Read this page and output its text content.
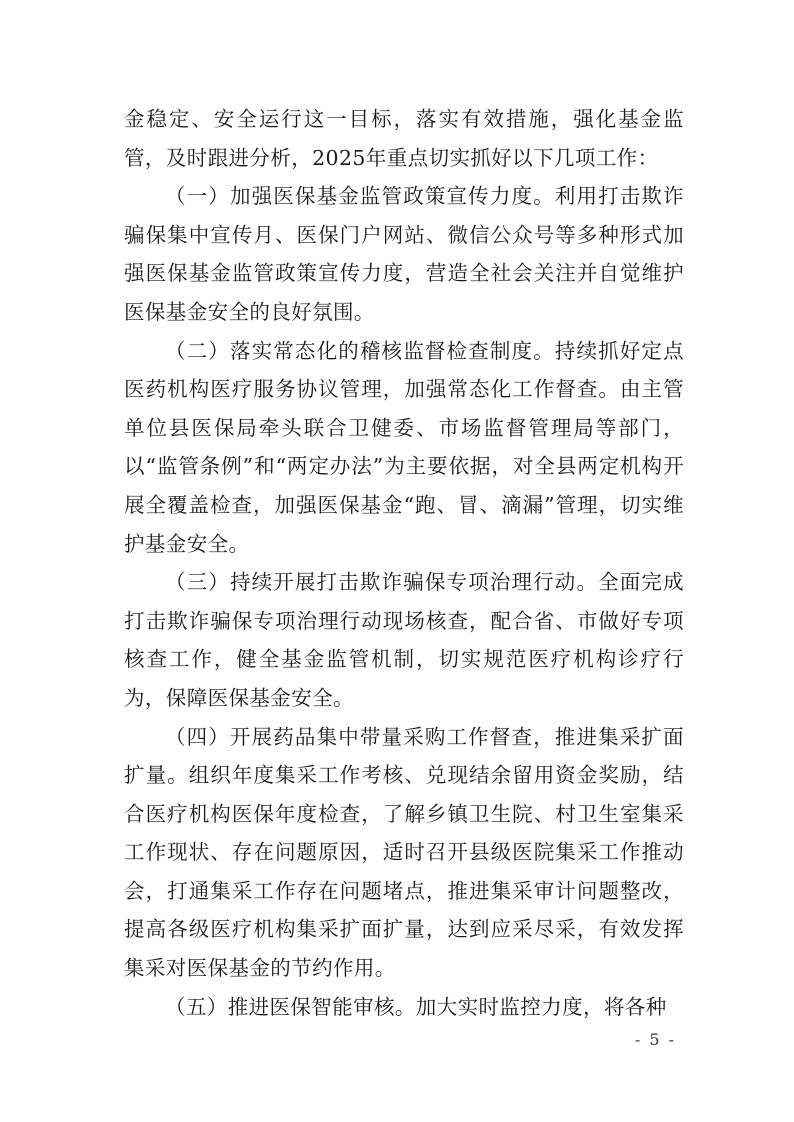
金稳定、安全运行这一目标，落实有效措施，强化基金监管，及时跟进分析，2025年重点切实抓好以下几项工作：

（一）加强医保基金监管政策宣传力度。利用打击欺诈骗保集中宣传月、医保门户网站、微信公众号等多种形式加强医保基金监管政策宣传力度，营造全社会关注并自觉维护医保基金安全的良好氛围。

（二）落实常态化的稽核监督检查制度。持续抓好定点医药机构医疗服务协议管理，加强常态化工作督查。由主管单位县医保局牵头联合卫健委、市场监督管理局等部门，以“监管条例”和“两定办法”为主要依据，对全县两定机构开展全覆盖检查，加强医保基金“跑、冒、滴漏”管理，切实维护基金安全。

（三）持续开展打击欺诈骗保专项治理行动。全面完成打击欺诈骗保专项治理行动现场核查，配合省、市做好专项核查工作，健全基金监管机制，切实规范医疗机构诊疗行为，保障医保基金安全。

（四）开展药品集中带量采购工作督查，推进集采扩面扩量。组织年度集采工作考核、兑现结余留用资金奖励，结合医疗机构医保年度检查，了解乡镇卫生院、村卫生室集采工作现状、存在问题原因，适时召开县级医院集采工作推动会，打通集采工作存在问题堵点，推进集采审计问题整改，提高各级医疗机构集采扩面扩量，达到应采尽采，有效发挥集采对医保基金的节约作用。

（五）推进医保智能审核。加大实时监控力度，将各种

- 5 -
